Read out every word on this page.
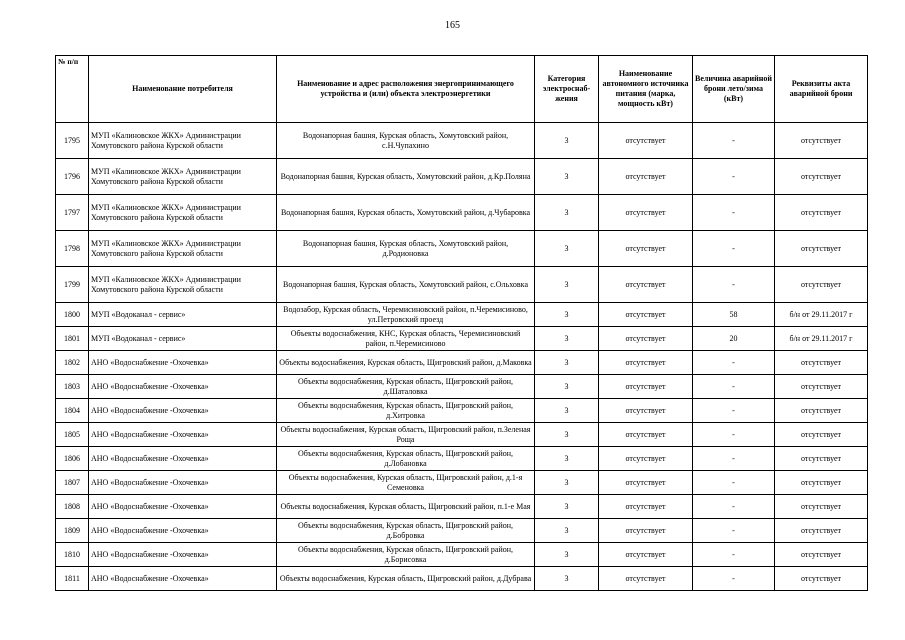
165
№ п/п	Наименование потребителя	Наименование и адрес расположения энергопринимающего устройства и (или) объекта электроэнергетики	Категория электроснаб-жения	Наименование автономного источника питания (марка, мощность кВт)	Величина аварийной брони лето/зима (кВт)	Реквизиты акта аварийной брони
1795	МУП «Калиновское ЖКХ» Администрации Хомутовского района Курской области	Водонапорная башня, Курская область, Хомутовский район, с.Н.Чупахино	3	отсутствует	-	отсутствует
1796	МУП «Калиновское ЖКХ» Администрации Хомутовского района Курской области	Водонапорная башня, Курская область, Хомутовский район, д.Кр.Поляна	3	отсутствует	-	отсутствует
1797	МУП «Калиновское ЖКХ» Администрации Хомутовского района Курской области	Водонапорная башня, Курская область, Хомутовский район, д.Чубаровка	3	отсутствует	-	отсутствует
1798	МУП «Калиновское ЖКХ» Администрации Хомутовского района Курской области	Водонапорная башня, Курская область, Хомутовский район, д.Родионовка	3	отсутствует	-	отсутствует
1799	МУП «Калиновское ЖКХ» Администрации Хомутовского района Курской области	Водонапорная башня, Курская область, Хомутовский район, с.Ольховка	3	отсутствует	-	отсутствует
1800	МУП «Водоканал - сервис»	Водозабор, Курская область, Черемисиновский район, п.Черемисиново, ул.Петровский проезд	3	отсутствует	58	б/н от 29.11.2017 г
1801	МУП «Водоканал - сервис»	Объекты водоснабжения, КНС, Курская область, Черемисиновский район, п.Черемисиново	3	отсутствует	20	б/н от 29.11.2017 г
1802	АНО «Водоснабжение -Охочевка»	Объекты водоснабжения, Курская область, Щигровский район, д.Маковка	3	отсутствует	-	отсутствует
1803	АНО «Водоснабжение -Охочевка»	Объекты водоснабжения, Курская область, Щигровский район, д.Шаталовка	3	отсутствует	-	отсутствует
1804	АНО «Водоснабжение -Охочевка»	Объекты водоснабжения, Курская область, Щигровский район, д.Хитровка	3	отсутствует	-	отсутствует
1805	АНО «Водоснабжение -Охочевка»	Объекты водоснабжения, Курская область, Щигровский район, п.Зеленая Роща	3	отсутствует	-	отсутствует
1806	АНО «Водоснабжение -Охочевка»	Объекты водоснабжения, Курская область, Щигровский район, д.Лобановка	3	отсутствует	-	отсутствует
1807	АНО «Водоснабжение -Охочевка»	Объекты водоснабжения, Курская область, Щигровский район, д.1-я Семеновка	3	отсутствует	-	отсутствует
1808	АНО «Водоснабжение -Охочевка»	Объекты водоснабжения, Курская область, Щигровский район, п.1-е Мая	3	отсутствует	-	отсутствует
1809	АНО «Водоснабжение -Охочевка»	Объекты водоснабжения, Курская область, Щигровский район, д.Бобровка	3	отсутствует	-	отсутствует
1810	АНО «Водоснабжение -Охочевка»	Объекты водоснабжения, Курская область, Щигровский район, д.Борисовка	3	отсутствует	-	отсутствует
1811	АНО «Водоснабжение -Охочевка»	Объекты водоснабжения, Курская область, Щигровский район, д.Дубрава	3	отсутствует	-	отсутствует
